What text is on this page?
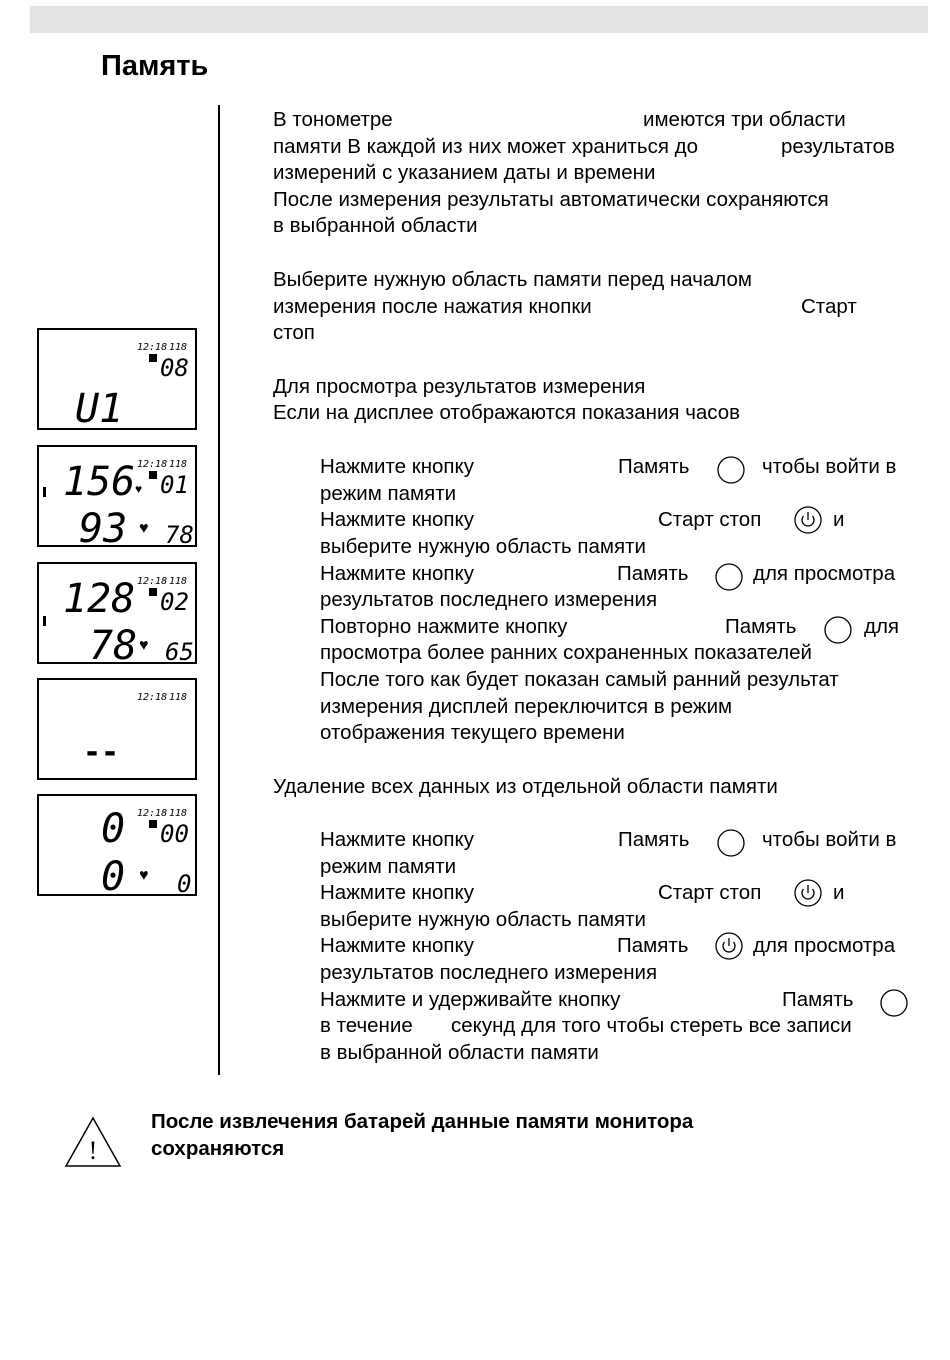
Память
В тонометре	имеются три области
памяти В каждой из них может храниться до	результатов
измерений с указанием даты и времени
После измерения результаты автоматически сохраняются
в выбранной области
Выберите нужную область памяти перед началом
измерения после нажатия кнопки	Старт
стоп
Для просмотра результатов измерения
Если на дисплее отображаются показания часов
Нажмите кнопку	Память	чтобы войти в
режим памяти
Нажмите кнопку	Старт стоп	и
выберите нужную область памяти
Нажмите кнопку	Память	для просмотра
результатов последнего измерения
Повторно нажмите кнопку	Память	для
просмотра более ранних сохраненных показателей
После того как будет показан самый ранний результат
измерения дисплей переключится в режим
отображения текущего времени
Удаление всех данных из отдельной области памяти
Нажмите кнопку	Память	чтобы войти в
режим памяти
Нажмите кнопку	Старт стоп	и
выберите нужную область памяти
Нажмите кнопку	Память	для просмотра
результатов последнего измерения
Нажмите и удерживайте кнопку	Память
в течение секунд для того чтобы стереть все записи
в выбранной области памяти
!
После извлечения батарей данные памяти монитора
сохраняются
12:18 1⁠18
08
U1
156 12:18 1⁠18
♥ 01
93 ♥ 78
128 12:18 1⁠18
02
78 ♥ 65
12:18 1⁠18
--
0 12:18 1⁠18
00
0 ♥ 0
